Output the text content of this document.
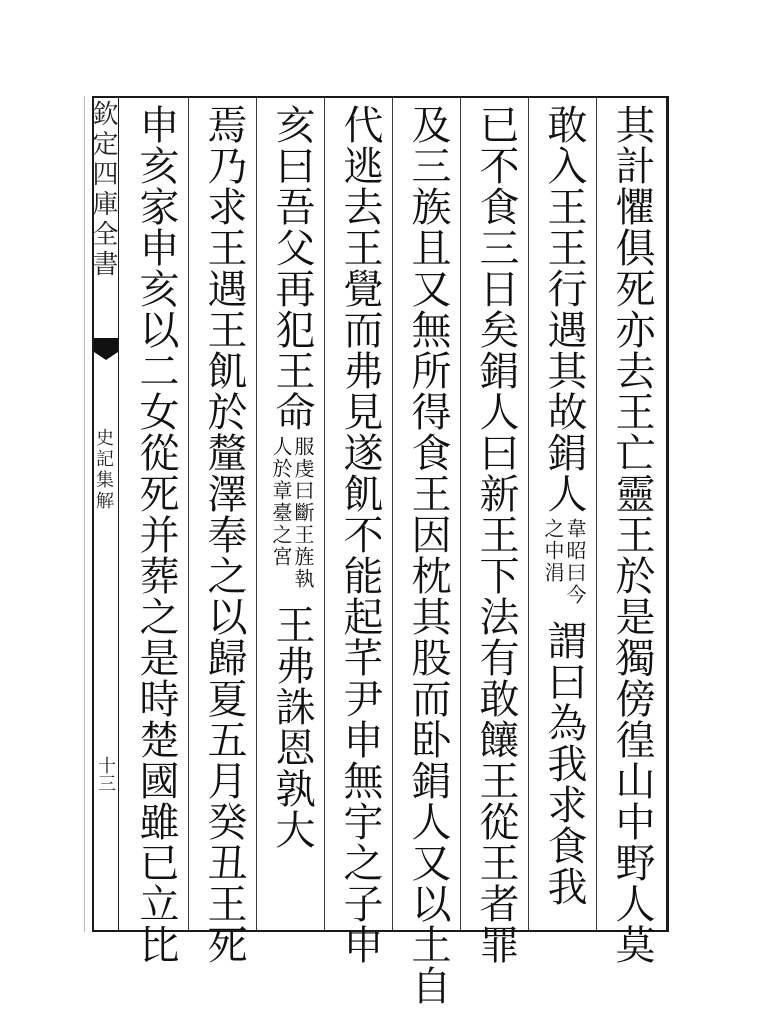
其計懼俱死亦去王亡靈王於是獨傍徨山中野人莫
敢入王王行遇其故鋗人
韋昭曰今
之中涓
謂曰為我求食我
已不食三日矣鋗人曰新王下法有敢饟王從王者罪
及三族且又無所得食王因枕其股而卧鋗人又以土自
代逃去王覺而弗見遂飢不能起芊尹申無宇之子申
亥曰吾父再犯王命
服虔曰斷王旌執
人於章臺之宮
王弗誅恩孰大
焉乃求王遇王飢於釐澤奉之以歸夏五月癸丑王死
申亥家申亥以二女從死并葬之是時楚國雖已立比
欽定四庫全書
史記集解
十三
